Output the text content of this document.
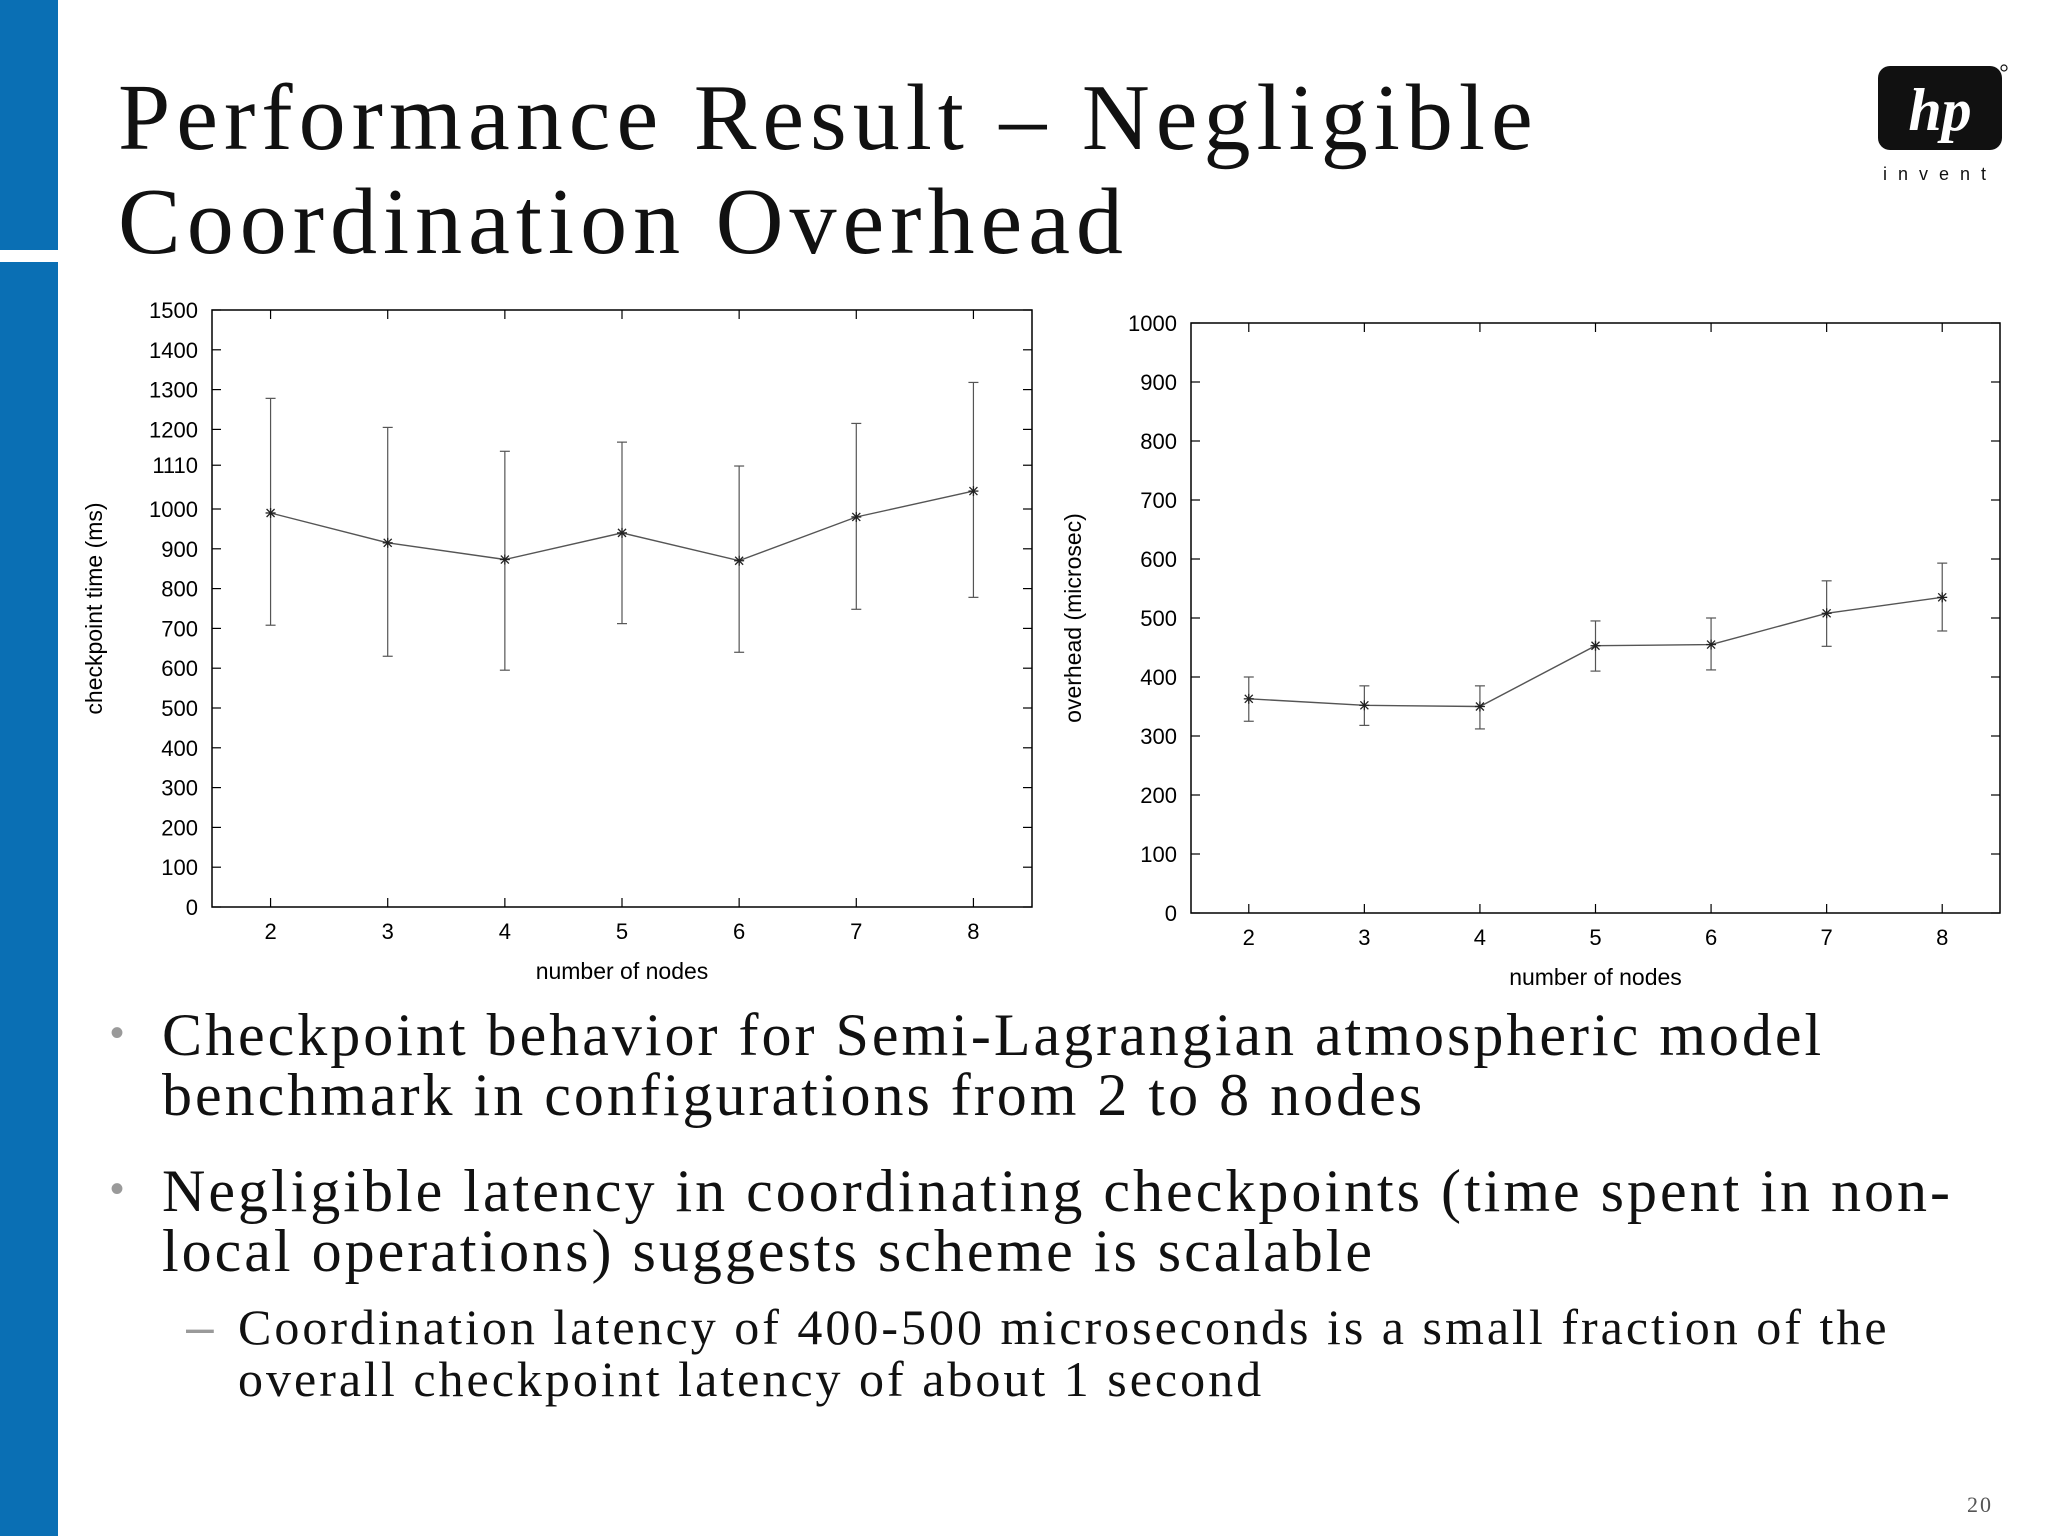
Performance Result – Negligible
Coordination Overhead
hp
invent
0
100
200
300
400
500
600
700
800
900
1000
1110
1200
1300
1400
1500
2	3	4	5	6	7	8
number of nodes
checkpoint time (ms)
0
100
200
300
400
500
600
700
800
900
1000
2	3	4	5	6	7	8
number of nodes
overhead (microsec)
• Checkpoint behavior for Semi-Lagrangian atmospheric model benchmark in configurations from 2 to 8 nodes
• Negligible latency in coordinating checkpoints (time spent in non-local operations) suggests scheme is scalable
– Coordination latency of 400-500 microseconds is a small fraction of the overall checkpoint latency of about 1 second
20
